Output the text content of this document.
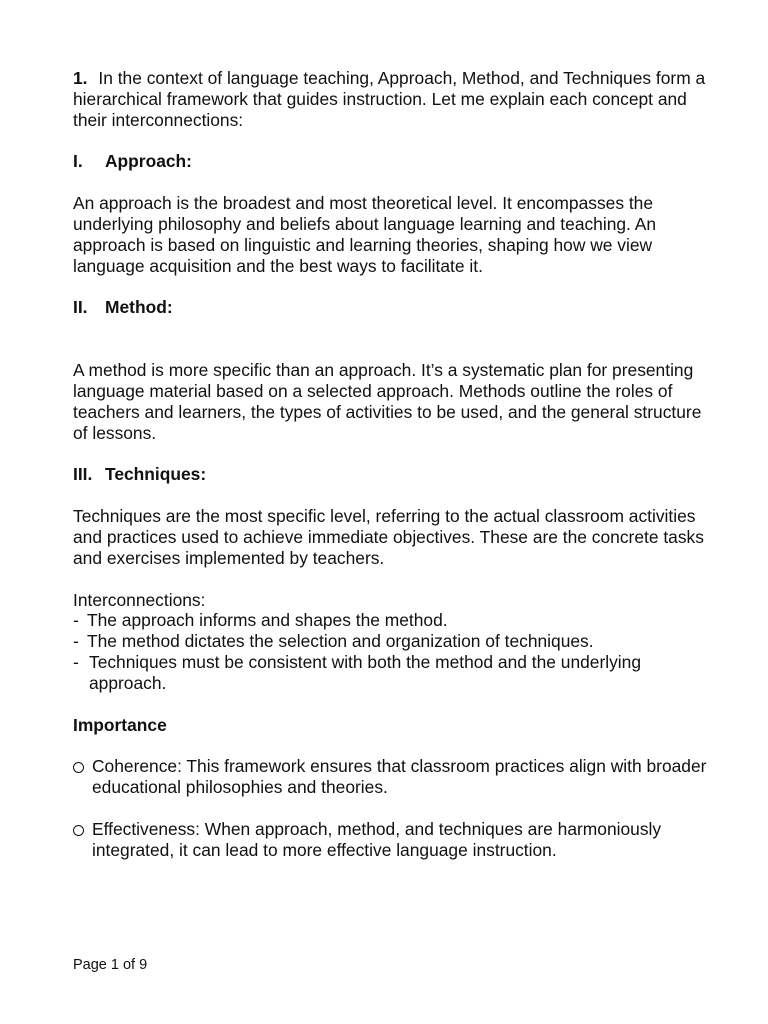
1. In the context of language teaching, Approach, Method, and Techniques form a hierarchical framework that guides instruction. Let me explain each concept and their interconnections:

I.	Approach:

An approach is the broadest and most theoretical level. It encompasses the underlying philosophy and beliefs about language learning and teaching. An approach is based on linguistic and learning theories, shaping how we view language acquisition and the best ways to facilitate it.

II.	Method:

A method is more specific than an approach. It’s a systematic plan for presenting language material based on a selected approach. Methods outline the roles of teachers and learners, the types of activities to be used, and the general structure of lessons.

III. Techniques:

Techniques are the most specific level, referring to the actual classroom activities and practices used to achieve immediate objectives. These are the concrete tasks and exercises implemented by teachers.

Interconnections:
- The approach informs and shapes the method.
- The method dictates the selection and organization of techniques.
- Techniques must be consistent with both the method and the underlying approach.
Importance
Coherence: This framework ensures that classroom practices align with broader educational philosophies and theories.
Effectiveness: When approach, method, and techniques are harmoniously integrated, it can lead to more effective language instruction.
Page 1 of 9
